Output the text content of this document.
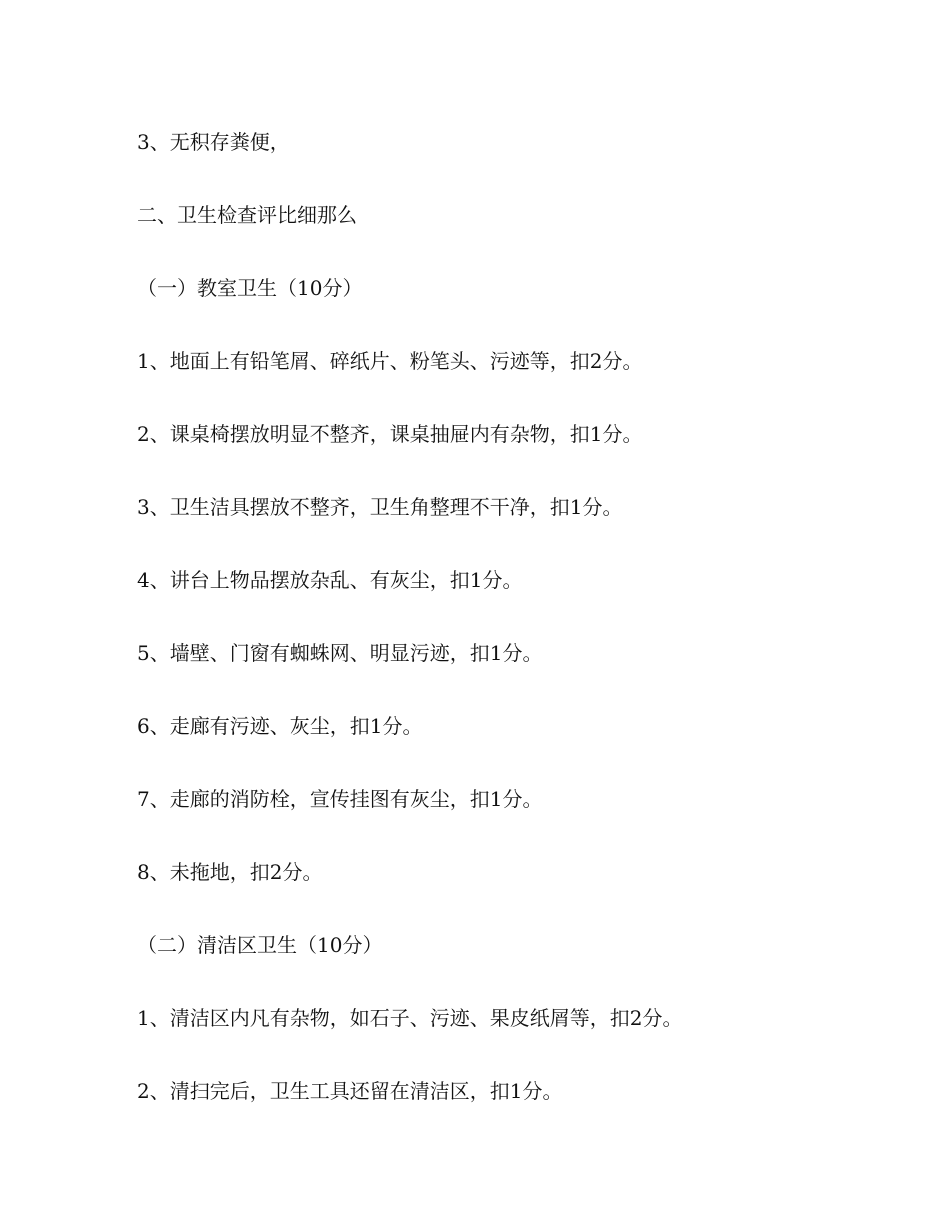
3、无积存粪便，
二、卫生检查评比细那么
（一）教室卫生（10分）
1、地面上有铅笔屑、碎纸片、粉笔头、污迹等，扣2分。
2、课桌椅摆放明显不整齐，课桌抽屉内有杂物，扣1分。
3、卫生洁具摆放不整齐，卫生角整理不干净，扣1分。
4、讲台上物品摆放杂乱、有灰尘，扣1分。
5、墙壁、门窗有蜘蛛网、明显污迹，扣1分。
6、走廊有污迹、灰尘，扣1分。
7、走廊的消防栓，宣传挂图有灰尘，扣1分。
8、未拖地，扣2分。
（二）清洁区卫生（10分）
1、清洁区内凡有杂物，如石子、污迹、果皮纸屑等，扣2分。
2、清扫完后，卫生工具还留在清洁区，扣1分。
